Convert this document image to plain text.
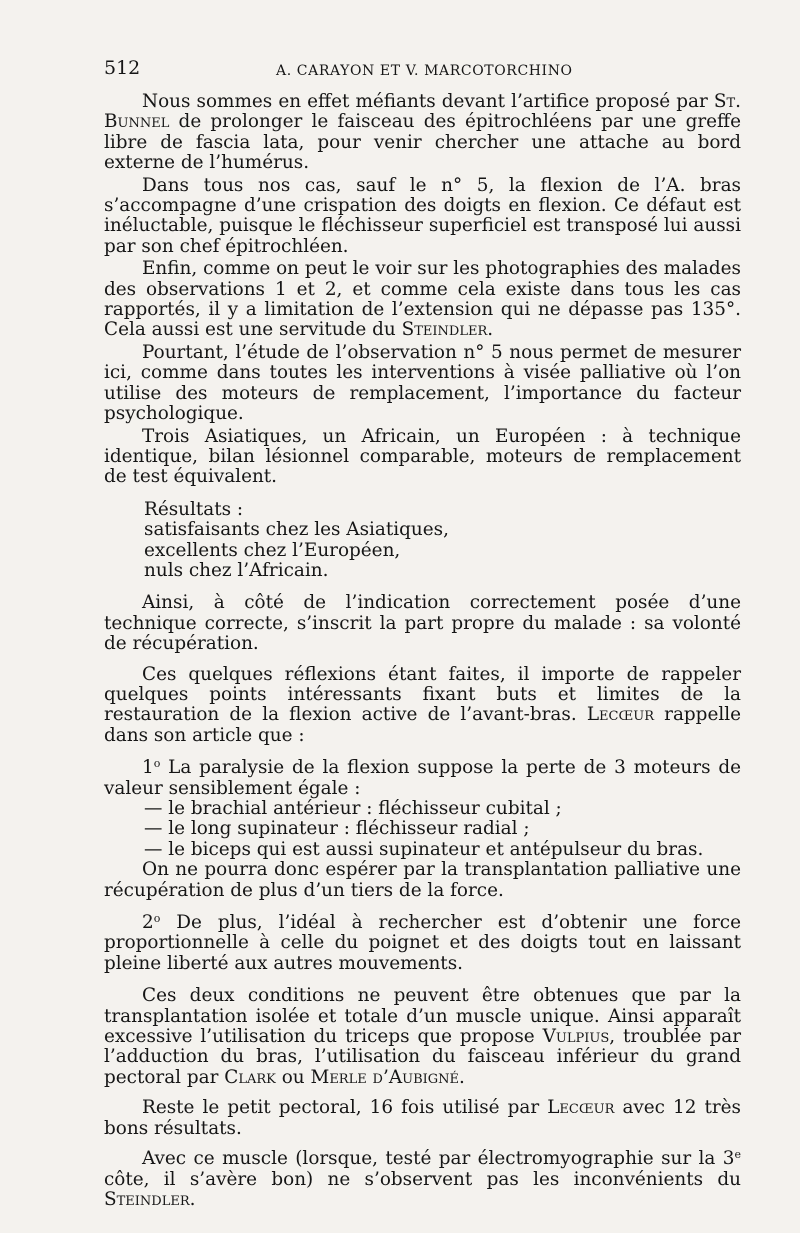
512	A. CARAYON ET V. MARCOTORCHINO

Nous sommes en effet méfiants devant l’artifice proposé par St. Bunnel de prolonger le faisceau des épitrochléens par une greffe libre de fascia lata, pour venir chercher une attache au bord externe de l’humérus.

Dans tous nos cas, sauf le n° 5, la flexion de l’A. bras s’accompagne d’une crispation des doigts en flexion. Ce défaut est inéluctable, puisque le fléchisseur superficiel est transposé lui aussi par son chef épitrochléen.

Enfin, comme on peut le voir sur les photographies des malades des observations 1 et 2, et comme cela existe dans tous les cas rapportés, il y a limitation de l’extension qui ne dépasse pas 135°. Cela aussi est une servitude du Steindler.

Pourtant, l’étude de l’observation n° 5 nous permet de mesurer ici, comme dans toutes les interventions à visée palliative où l’on utilise des moteurs de remplacement, l’importance du facteur psychologique.

Trois Asiatiques, un Africain, un Européen : à technique identique, bilan lésionnel comparable, moteurs de remplacement de test équivalent.

Résultats :
satisfaisants chez les Asiatiques,
excellents chez l’Européen,
nuls chez l’Africain.

Ainsi, à côté de l’indication correctement posée d’une technique correcte, s’inscrit la part propre du malade : sa volonté de récupération.

Ces quelques réflexions étant faites, il importe de rappeler quelques points intéressants fixant buts et limites de la restauration de la flexion active de l’avant-bras. Lecœur rappelle dans son article que :

1$^o$ La paralysie de la flexion suppose la perte de 3 moteurs de valeur sensiblement égale :

— le brachial antérieur : fléchisseur cubital ;
— le long supinateur : fléchisseur radial ;
— le biceps qui est aussi supinateur et antépulseur du bras.

On ne pourra donc espérer par la transplantation palliative une récupération de plus d’un tiers de la force.

2$^o$ De plus, l’idéal à rechercher est d’obtenir une force proportionnelle à celle du poignet et des doigts tout en laissant pleine liberté aux autres mouvements.

Ces deux conditions ne peuvent être obtenues que par la transplantation isolée et totale d’un muscle unique. Ainsi apparaît excessive l’utilisation du triceps que propose Vulpius, troublée par l’adduction du bras, l’utilisation du faisceau inférieur du grand pectoral par Clark ou Merle d’Aubigné.

Reste le petit pectoral, 16 fois utilisé par Lecœur avec 12 très bons résultats.

Avec ce muscle (lorsque, testé par électromyographie sur la 3e côte, il s’avère bon) ne s’observent pas les inconvénients du Steindler.
